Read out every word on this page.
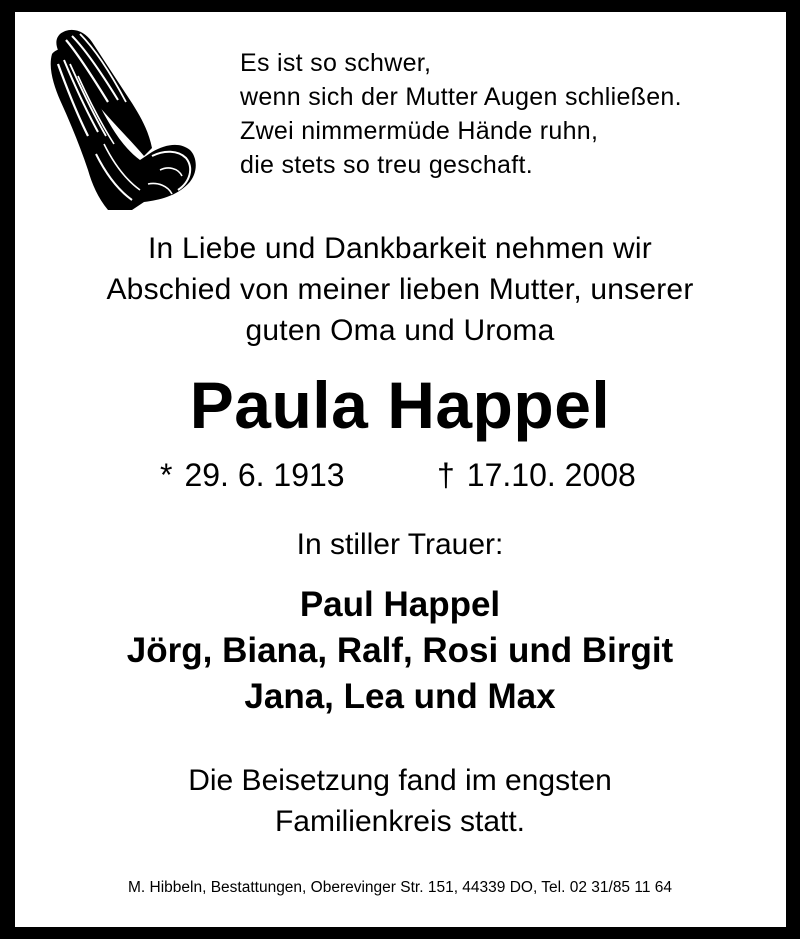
Es ist so schwer,
wenn sich der Mutter Augen schließen.
Zwei nimmermüde Hände ruhn,
die stets so treu geschaft.
In Liebe und Dankbarkeit nehmen wir
Abschied von meiner lieben Mutter, unserer
guten Oma und Uroma
Paula Happel
* 29. 6. 1913	† 17.10. 2008
In stiller Trauer:
Paul Happel
Jörg, Biana, Ralf, Rosi und Birgit
Jana, Lea und Max
Die Beisetzung fand im engsten
Familienkreis statt.
M. Hibbeln, Bestattungen, Oberevinger Str. 151, 44339 DO, Tel. 02 31/85 11 64
